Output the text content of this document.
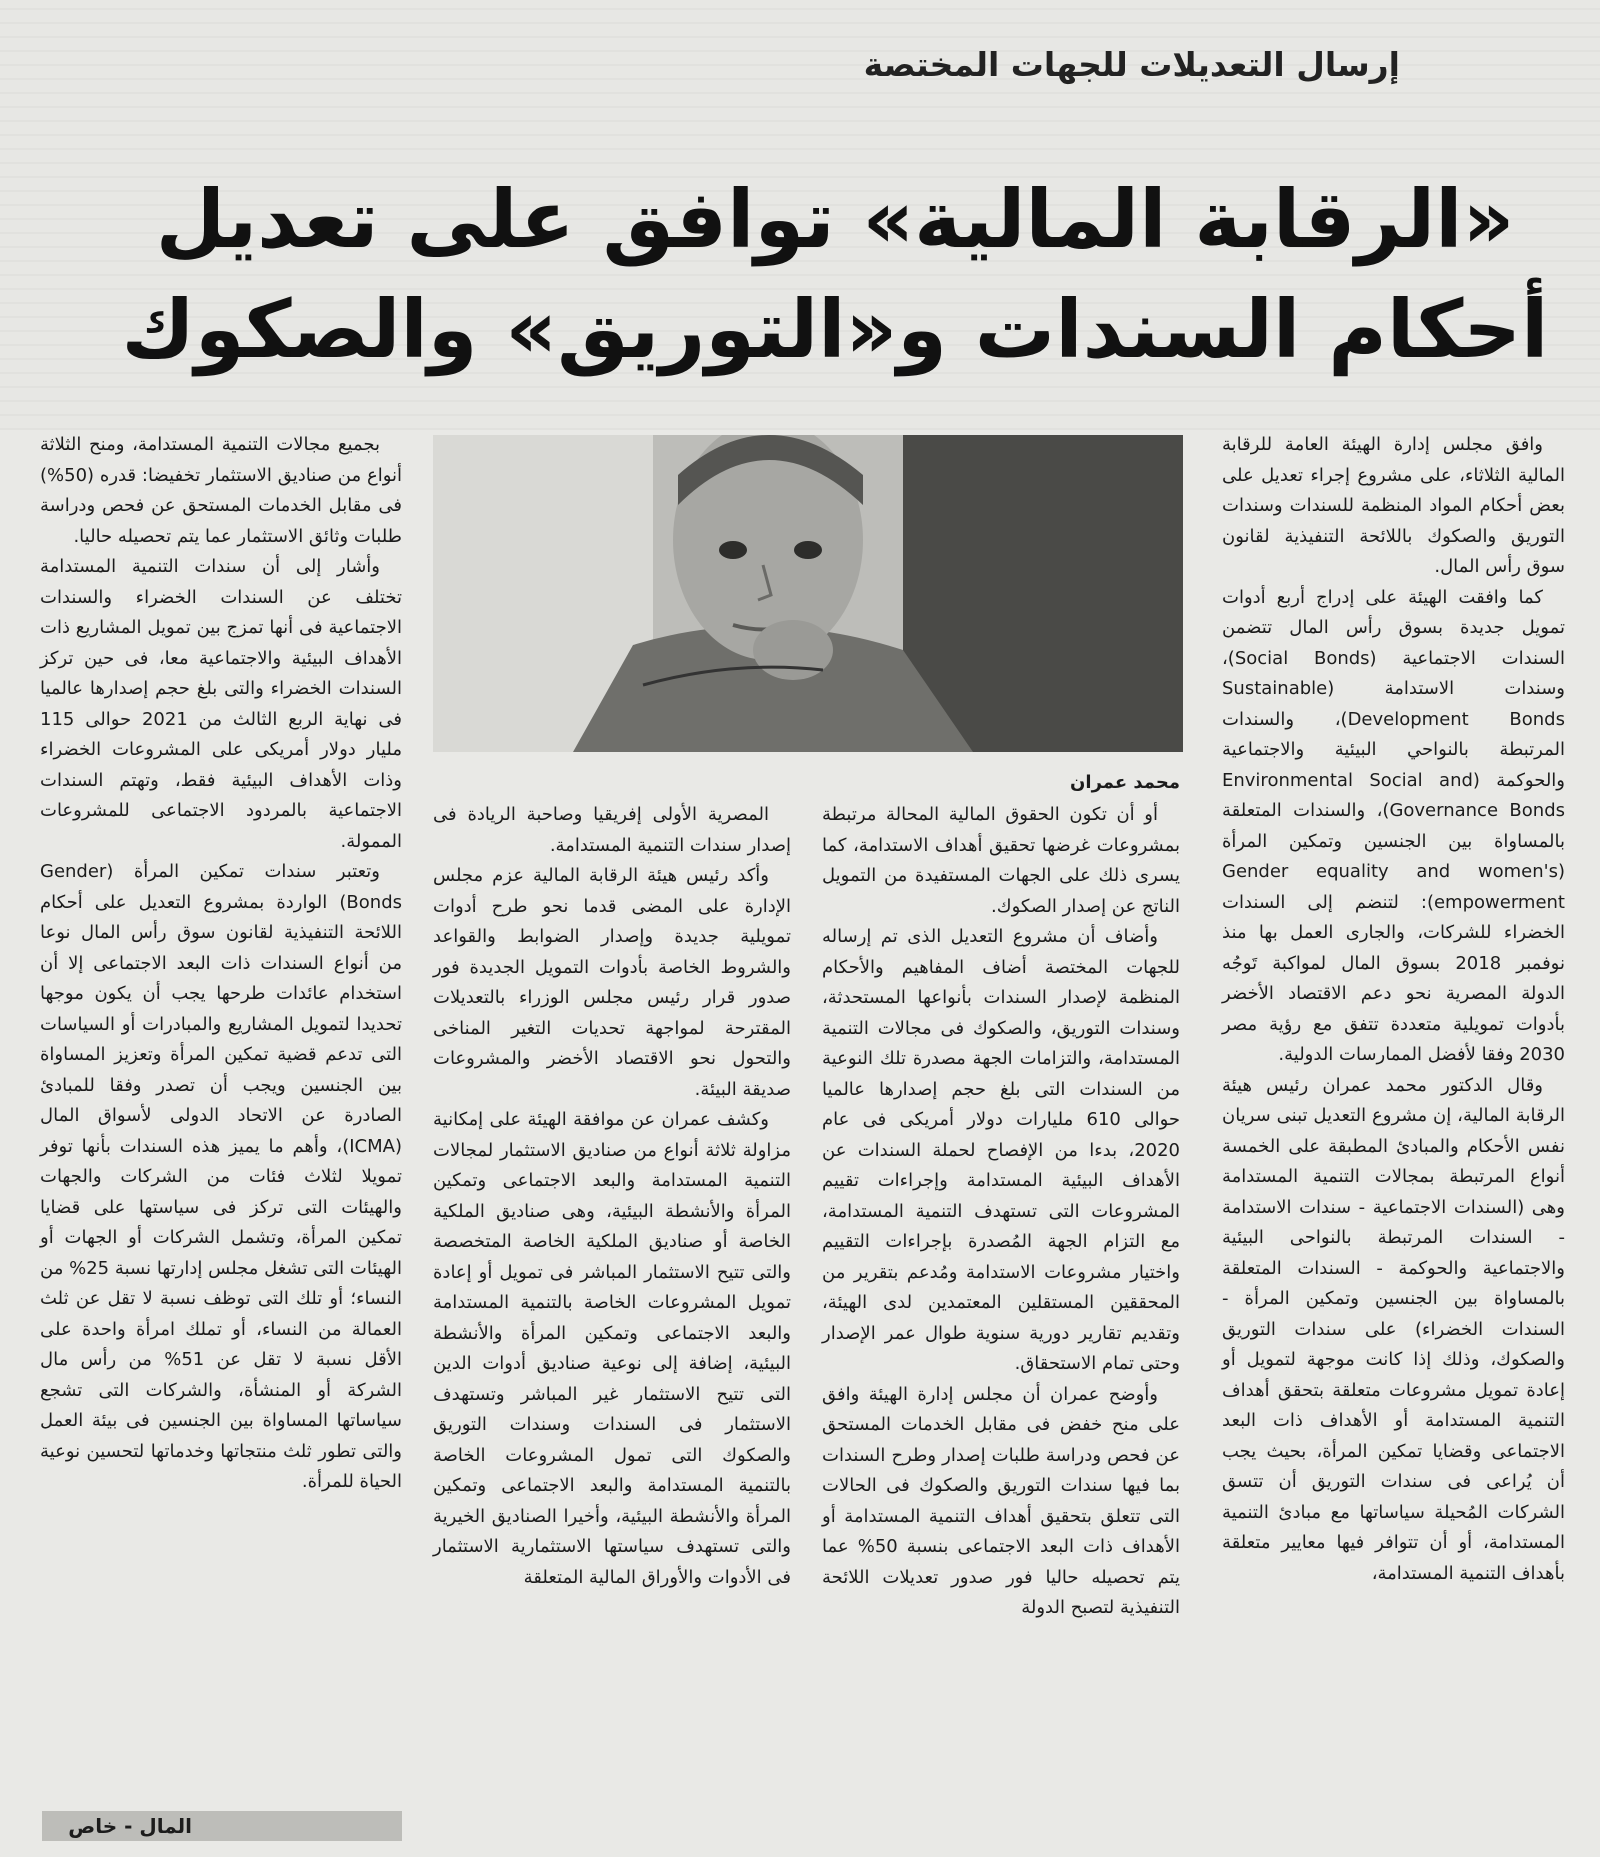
إرسال التعديلات للجهات المختصة
«الرقابة المالية» توافق على تعديل
أحكام السندات و«التوريق» والصكوك
محمد عمران

وافق مجلس إدارة الهيئة العامة للرقابة المالية الثلاثاء، على مشروع إجراء تعديل على بعض أحكام المواد المنظمة للسندات وسندات التوريق والصكوك باللائحة التنفيذية لقانون سوق رأس المال.

كما وافقت الهيئة على إدراج أربع أدوات تمويل جديدة بسوق رأس المال تتضمن السندات الاجتماعية (Social Bonds)، وسندات الاستدامة (Sustainable Development Bonds)، والسندات المرتبطة بالنواحي البيئية والاجتماعية والحوكمة (Environmental Social and Governance Bonds)، والسندات المتعلقة بالمساواة بين الجنسين وتمكين المرأة (Gender equality and women's empowerment): لتنضم إلى السندات الخضراء للشركات، والجارى العمل بها منذ نوفمبر 2018 بسوق المال لمواكبة تَوجُه الدولة المصرية نحو دعم الاقتصاد الأخضر بأدوات تمويلية متعددة تتفق مع رؤية مصر 2030 وفقا لأفضل الممارسات الدولية.

وقال الدكتور محمد عمران رئيس هيئة الرقابة المالية، إن مشروع التعديل تبنى سريان نفس الأحكام والمبادئ المطبقة على الخمسة أنواع المرتبطة بمجالات التنمية المستدامة وهى (السندات الاجتماعية - سندات الاستدامة - السندات المرتبطة بالنواحى البيئية والاجتماعية والحوكمة - السندات المتعلقة بالمساواة بين الجنسين وتمكين المرأة - السندات الخضراء) على سندات التوريق والصكوك، وذلك إذا كانت موجهة لتمويل أو إعادة تمويل مشروعات متعلقة بتحقق أهداف التنمية المستدامة أو الأهداف ذات البعد الاجتماعى وقضايا تمكين المرأة، بحيث يجب أن يُراعى فى سندات التوريق أن تتسق الشركات المُحيلة سياساتها مع مبادئ التنمية المستدامة، أو أن تتوافر فيها معايير متعلقة بأهداف التنمية المستدامة،

أو أن تكون الحقوق المالية المحالة مرتبطة بمشروعات غرضها تحقيق أهداف الاستدامة، كما يسرى ذلك على الجهات المستفيدة من التمويل الناتج عن إصدار الصكوك.

وأضاف أن مشروع التعديل الذى تم إرساله للجهات المختصة أضاف المفاهيم والأحكام المنظمة لإصدار السندات بأنواعها المستحدثة، وسندات التوريق، والصكوك فى مجالات التنمية المستدامة، والتزامات الجهة مصدرة تلك النوعية من السندات التى بلغ حجم إصدارها عالميا حوالى 610 مليارات دولار أمريكى فى عام 2020، بدءا من الإفصاح لحملة السندات عن الأهداف البيئية المستدامة وإجراءات تقييم المشروعات التى تستهدف التنمية المستدامة، مع التزام الجهة المُصدرة بإجراءات التقييم واختيار مشروعات الاستدامة ومُدعم بتقرير من المحققين المستقلين المعتمدين لدى الهيئة، وتقديم تقارير دورية سنوية طوال عمر الإصدار وحتى تمام الاستحقاق.

وأوضح عمران أن مجلس إدارة الهيئة وافق على منح خفض فى مقابل الخدمات المستحق عن فحص ودراسة طلبات إصدار وطرح السندات بما فيها سندات التوريق والصكوك فى الحالات التى تتعلق بتحقيق أهداف التنمية المستدامة أو الأهداف ذات البعد الاجتماعى بنسبة 50% عما يتم تحصيله حاليا فور صدور تعديلات اللائحة التنفيذية لتصبح الدولة

المصرية الأولى إفريقيا وصاحبة الريادة فى إصدار سندات التنمية المستدامة.

وأكد رئيس هيئة الرقابة المالية عزم مجلس الإدارة على المضى قدما نحو طرح أدوات تمويلية جديدة وإصدار الضوابط والقواعد والشروط الخاصة بأدوات التمويل الجديدة فور صدور قرار رئيس مجلس الوزراء بالتعديلات المقترحة لمواجهة تحديات التغير المناخى والتحول نحو الاقتصاد الأخضر والمشروعات صديقة البيئة.

وكشف عمران عن موافقة الهيئة على إمكانية مزاولة ثلاثة أنواع من صناديق الاستثمار لمجالات التنمية المستدامة والبعد الاجتماعى وتمكين المرأة والأنشطة البيئية، وهى صناديق الملكية الخاصة أو صناديق الملكية الخاصة المتخصصة والتى تتيح الاستثمار المباشر فى تمويل أو إعادة تمويل المشروعات الخاصة بالتنمية المستدامة والبعد الاجتماعى وتمكين المرأة والأنشطة البيئية، إضافة إلى نوعية صناديق أدوات الدين التى تتيح الاستثمار غير المباشر وتستهدف الاستثمار فى السندات وسندات التوريق والصكوك التى تمول المشروعات الخاصة بالتنمية المستدامة والبعد الاجتماعى وتمكين المرأة والأنشطة البيئية، وأخيرا الصناديق الخيرية والتى تستهدف سياستها الاستثمارية الاستثمار فى الأدوات والأوراق المالية المتعلقة

بجميع مجالات التنمية المستدامة، ومنح الثلاثة أنواع من صناديق الاستثمار تخفيضا: قدره (50%) فى مقابل الخدمات المستحق عن فحص ودراسة طلبات وثائق الاستثمار عما يتم تحصيله حاليا.

وأشار إلى أن سندات التنمية المستدامة تختلف عن السندات الخضراء والسندات الاجتماعية فى أنها تمزج بين تمويل المشاريع ذات الأهداف البيئية والاجتماعية معا، فى حين تركز السندات الخضراء والتى بلغ حجم إصدارها عالميا فى نهاية الربع الثالث من 2021 حوالى 115 مليار دولار أمريكى على المشروعات الخضراء وذات الأهداف البيئية فقط، وتهتم السندات الاجتماعية بالمردود الاجتماعى للمشروعات الممولة.

وتعتبر سندات تمكين المرأة (Gender Bonds) الواردة بمشروع التعديل على أحكام اللائحة التنفيذية لقانون سوق رأس المال نوعا من أنواع السندات ذات البعد الاجتماعى إلا أن استخدام عائدات طرحها يجب أن يكون موجها تحديدا لتمويل المشاريع والمبادرات أو السياسات التى تدعم قضية تمكين المرأة وتعزيز المساواة بين الجنسين ويجب أن تصدر وفقا للمبادئ الصادرة عن الاتحاد الدولى لأسواق المال (ICMA)، وأهم ما يميز هذه السندات بأنها توفر تمويلا لثلاث فئات من الشركات والجهات والهيئات التى تركز فى سياستها على قضايا تمكين المرأة، وتشمل الشركات أو الجهات أو الهيئات التى تشغل مجلس إدارتها نسبة 25% من النساء؛ أو تلك التى توظف نسبة لا تقل عن ثلث العمالة من النساء، أو تملك امرأة واحدة على الأقل نسبة لا تقل عن 51% من رأس مال الشركة أو المنشأة، والشركات التى تشجع سياساتها المساواة بين الجنسين فى بيئة العمل والتى تطور ثلث منتجاتها وخدماتها لتحسين نوعية الحياة للمرأة.

المال - خاص
